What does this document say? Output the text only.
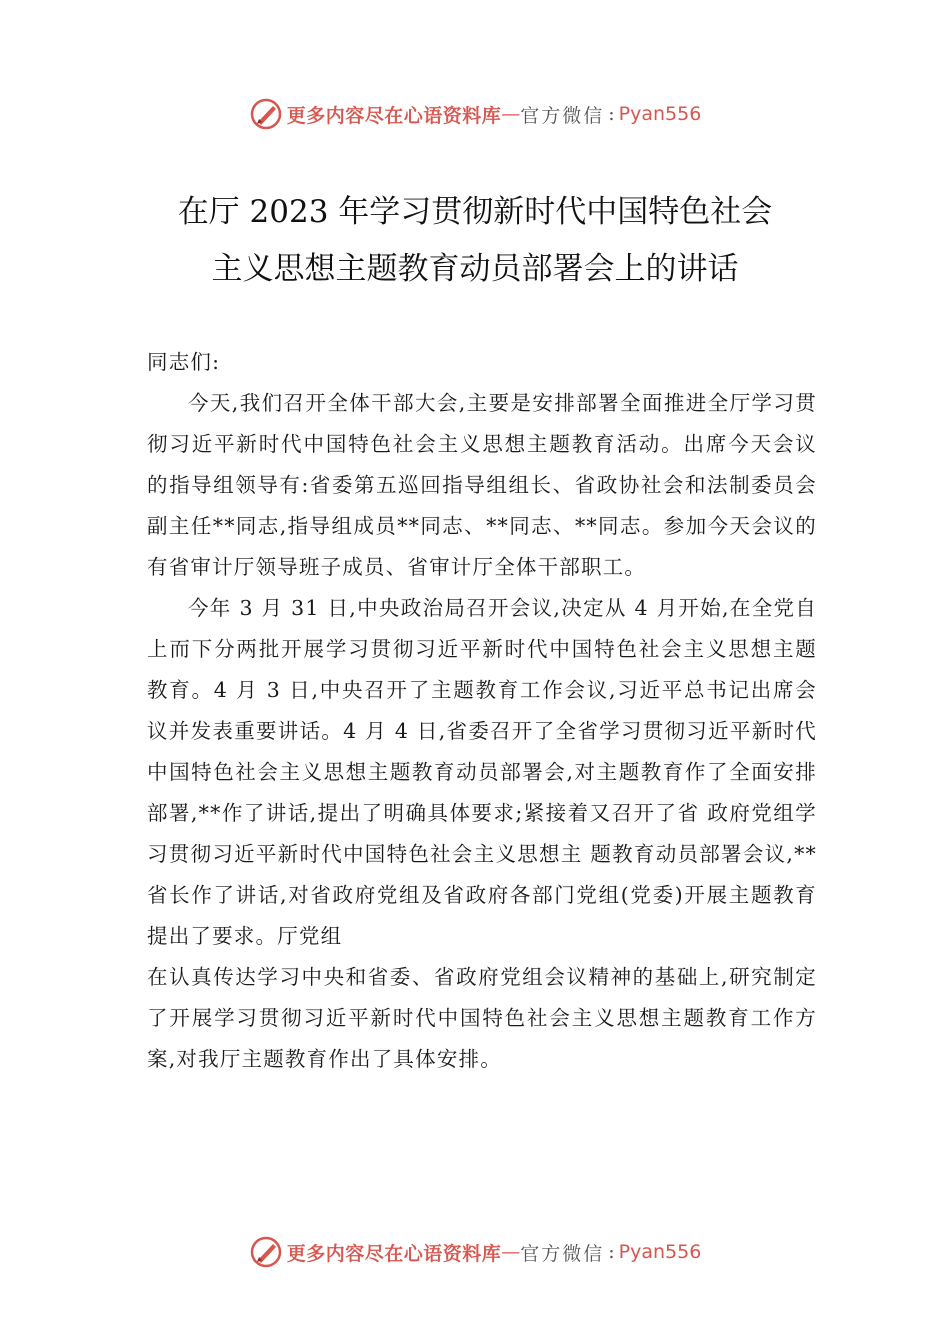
更多内容尽在心语资料库 — 官方微信 : Pyan556
在厅 2023 年学习贯彻新时代中国特色社会
主义思想主题教育动员部署会上的讲话

同志们:

今天,我们召开全体干部大会,主要是安排部署全面推进全厅学习贯彻习近平新时代中国特色社会主义思想主题教育活动。出席今天会议的指导组领导有:省委第五巡回指导组组长、省政协社会和法制委员会副主任**同志,指导组成员**同志、**同志、**同志。参加今天会议的有省审计厅领导班子成员、省审计厅全体干部职工。

今年 3 月 31 日,中央政治局召开会议,决定从 4 月开始,在全党自上而下分两批开展学习贯彻习近平新时代中国特色社会主义思想主题教育。4 月 3 日,中央召开了主题教育工作会议,习近平总书记出席会议并发表重要讲话。4 月 4 日,省委召开了全省学习贯彻习近平新时代中国特色社会主义思想主题教育动员部署会,对主题教育作了全面安排部署,**作了讲话,提出了明确具体要求;紧接着又召开了省 政府党组学习贯彻习近平新时代中国特色社会主义思想主 题教育动员部署会议,**省长作了讲话,对省政府党组及省政府各部门党组(党委)开展主题教育提出了要求。厅党组

在认真传达学习中央和省委、省政府党组会议精神的基础上,研究制定了开展学习贯彻习近平新时代中国特色社会主义思想主题教育工作方案,对我厅主题教育作出了具体安排。

更多内容尽在心语资料库 — 官方微信 : Pyan556
